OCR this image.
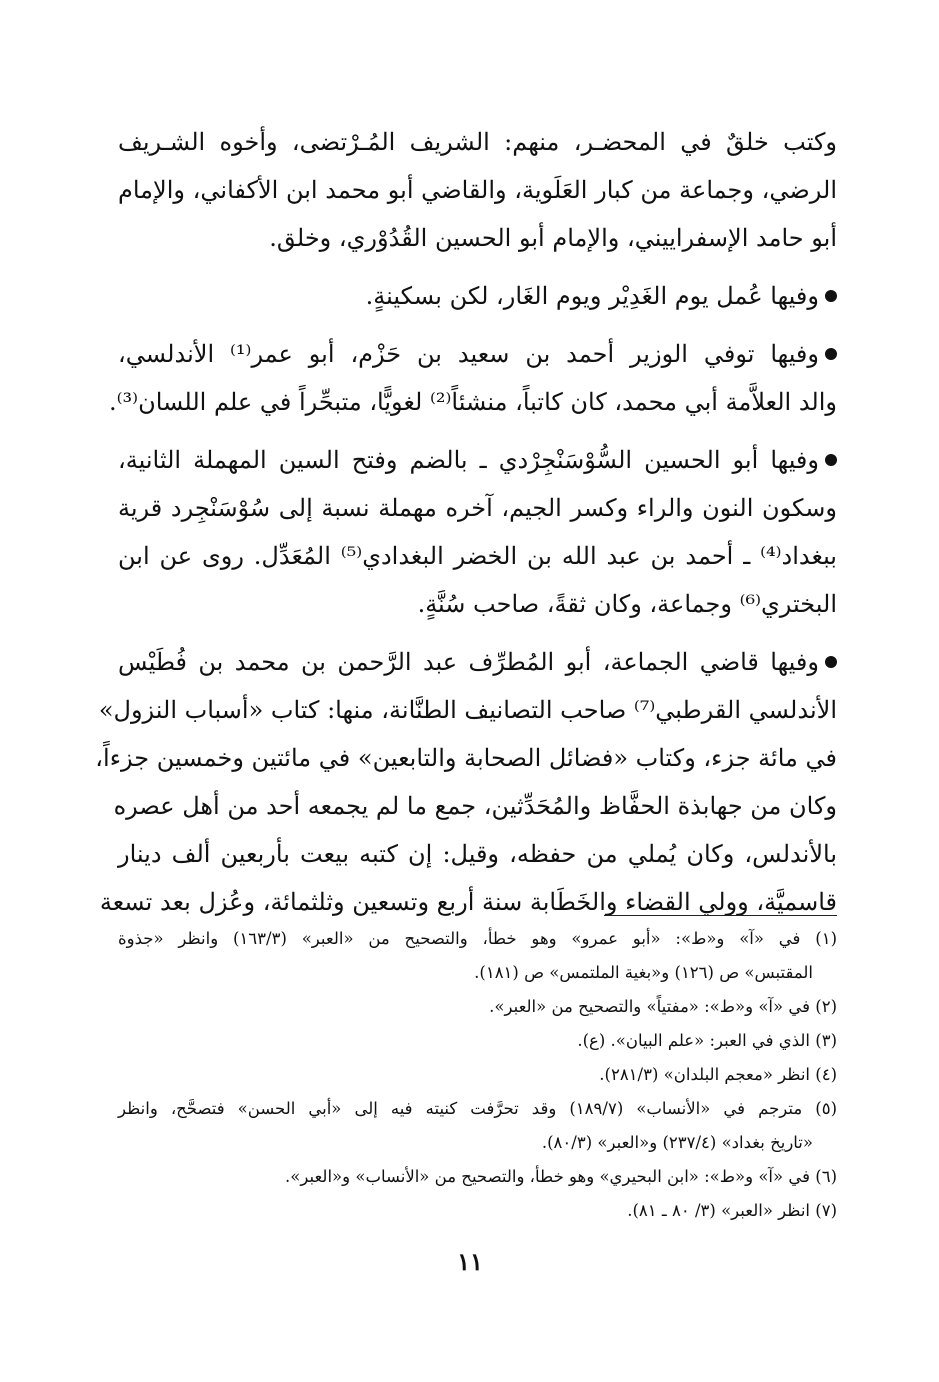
وكتب خلقٌ في المحضـر، منهم: الشريف المُـرْتضى، وأخوه الشـريف
الرضي، وجماعة من كبار العَلَوية، والقاضي أبو محمد ابن الأكفاني، والإمام
أبو حامد الإسفراييني، والإمام أبو الحسين القُدُوْري، وخلق.
وفيها عُمل يوم الغَدِيْر ويوم الغَار، لكن بسكينةٍ.
وفيها توفي الوزير أحمد بن سعيد بن حَزْم، أبو عمر⁽¹⁾ الأندلسي،
والد العلاَّمة أبي محمد، كان كاتباً، منشئاً⁽²⁾ لغويًّا، متبحِّراً في علم اللسان⁽³⁾.
وفيها أبو الحسين السُّوْسَنْجِرْدي ـ بالضم وفتح السين المهملة الثانية،
وسكون النون والراء وكسر الجيم، آخره مهملة نسبة إلى سُوْسَنْجِرد قرية
ببغداد⁽⁴⁾ ـ أحمد بن عبد الله بن الخضر البغدادي⁽⁵⁾ المُعَدِّل. روى عن ابن
البختري⁽⁶⁾ وجماعة، وكان ثقةً، صاحب سُنَّةٍ.
وفيها قاضي الجماعة، أبو المُطرِّف عبد الرَّحمن بن محمد بن فُطَيْس
الأندلسي القرطبي⁽⁷⁾ صاحب التصانيف الطنَّانة، منها: كتاب «أسباب النزول»
في مائة جزء، وكتاب «فضائل الصحابة والتابعين» في مائتين وخمسين جزءاً،
وكان من جهابذة الحفَّاظ والمُحَدِّثين، جمع ما لم يجمعه أحد من أهل عصره
بالأندلس، وكان يُملي من حفظه، وقيل: إن كتبه بيعت بأربعين ألف دينار
قاسميَّة، وولي القضاء والخَطَابة سنة أربع وتسعين وثلثمائة، وعُزل بعد تسعة
(١) في «آ» و«ط»: «أبو عمرو» وهو خطأ، والتصحيح من «العبر» (١٦٣/٣) وانظر «جذوة
المقتبس» ص (١٢٦) و«بغية الملتمس» ص (١٨١).
(٢) في «آ» و«ط»: «مفتياً» والتصحيح من «العبر».
(٣) الذي في العبر: «علم البيان». (ع).
(٤) انظر «معجم البلدان» (٢٨١/٣).
(٥) مترجم في «الأنساب» (١٨٩/٧) وقد تحرَّفت كنيته فيه إلى «أبي الحسن» فتصحَّح، وانظر
«تاريخ بغداد» (٢٣٧/٤) و«العبر» (٨٠/٣).
(٦) في «آ» و«ط»: «ابن البحيري» وهو خطأ، والتصحيح من «الأنساب» و«العبر».
(٧) انظر «العبر» (٣/ ٨٠ ـ ٨١).
١١
